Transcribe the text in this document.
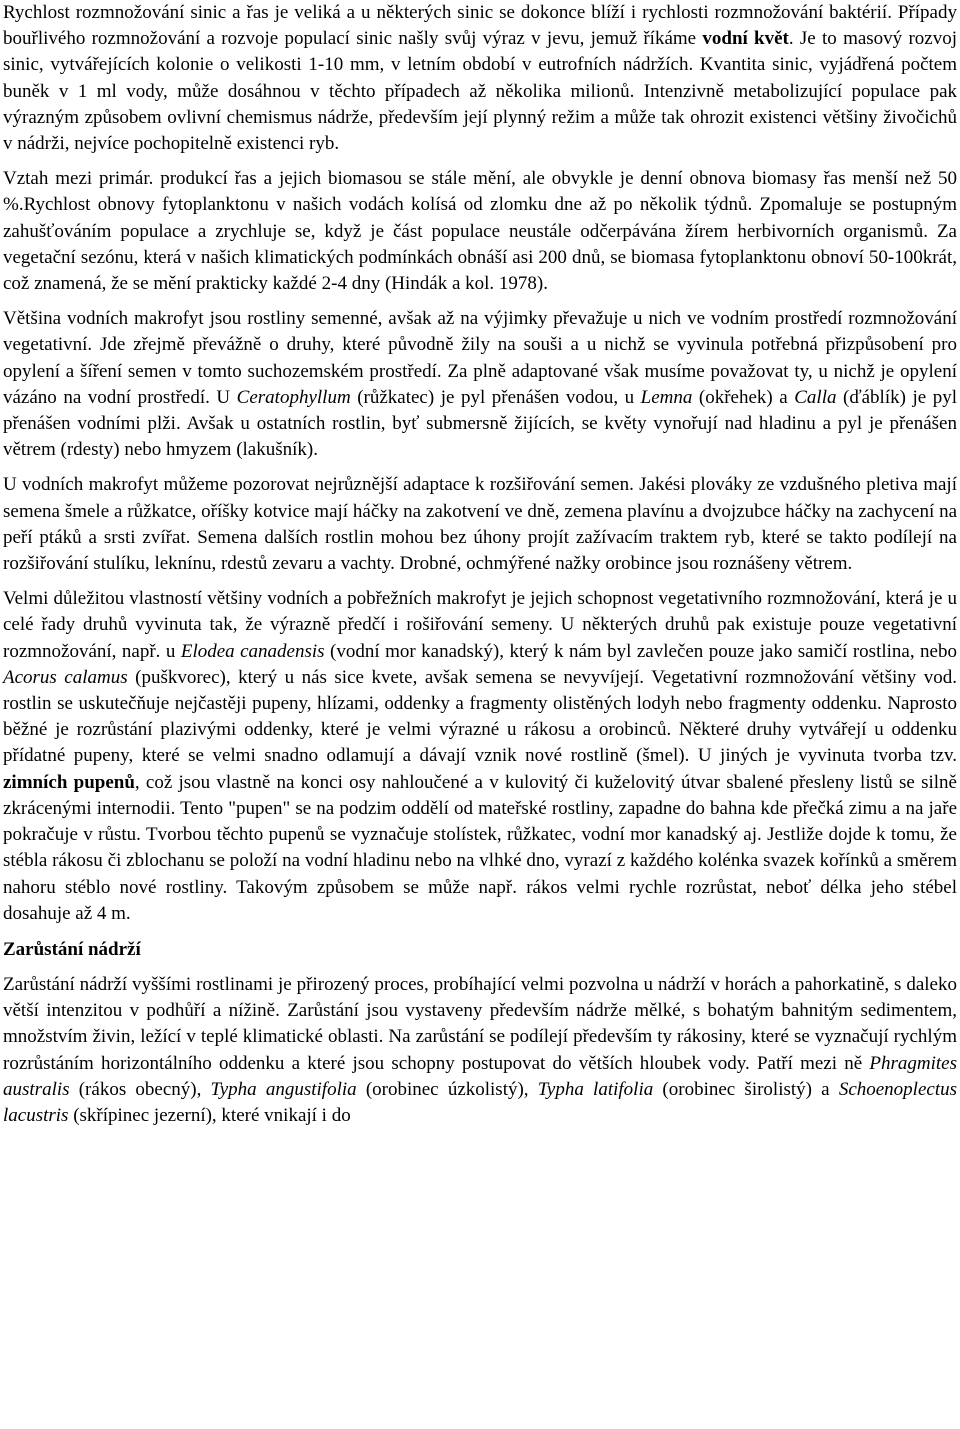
Rychlost rozmnožování sinic a řas je veliká a u některých sinic se dokonce blíží i rychlosti rozmnožování baktérií. Případy bouřlivého rozmnožování a rozvoje populací sinic našly svůj výraz v jevu, jemuž říkáme vodní květ. Je to masový rozvoj sinic, vytvářejících kolonie o velikosti 1-10 mm, v letním období v eutrofních nádržích. Kvantita sinic, vyjádřená počtem buněk v 1 ml vody, může dosáhnou v těchto případech až několika milionů. Intenzivně metabolizující populace pak výrazným způsobem ovlivní chemismus nádrže, především její plynný režim a může tak ohrozit existenci většiny živočichů v nádrži, nejvíce pochopitelně existenci ryb.

Vztah mezi primár. produkcí řas a jejich biomasou se stále mění, ale obvykle je denní obnova biomasy řas menší než 50 %.Rychlost obnovy fytoplanktonu v našich vodách kolísá od zlomku dne až po několik týdnů. Zpomaluje se postupným zahušťováním populace a zrychluje se, když je část populace neustále odčerpávána žírem herbivorních organismů. Za vegetační sezónu, která v našich klimatických podmínkách obnáší asi 200 dnů, se biomasa fytoplanktonu obnoví 50-100krát, což znamená, že se mění prakticky každé 2-4 dny (Hindák a kol. 1978).

Většina vodních makrofyt jsou rostliny semenné, avšak až na výjimky převažuje u nich ve vodním prostředí rozmnožování vegetativní. Jde zřejmě převážně o druhy, které původně žily na souši a u nichž se vyvinula potřebná přizpůsobení pro opylení a šíření semen v tomto suchozemském prostředí. Za plně adaptované však musíme považovat ty, u nichž je opylení vázáno na vodní prostředí. U Ceratophyllum (růžkatec) je pyl přenášen vodou, u Lemna (okřehek) a Calla (ďáblík) je pyl přenášen vodními plži. Avšak u ostatních rostlin, byť submersně žijících, se květy vynořují nad hladinu a pyl je přenášen větrem (rdesty) nebo hmyzem (lakušník).

U vodních makrofyt můžeme pozorovat nejrůznější adaptace k rozšiřování semen. Jakési plováky ze vzdušného pletiva mají semena šmele a růžkatce, oříšky kotvice mají háčky na zakotvení ve dně, zemena plavínu a dvojzubce háčky na zachycení na peří ptáků a srsti zvířat. Semena dalších rostlin mohou bez úhony projít zažívacím traktem ryb, které se takto podílejí na rozšiřování stulíku, leknínu, rdestů zevaru a vachty. Drobné, ochmýřené nažky orobince jsou roznášeny větrem.

Velmi důležitou vlastností většiny vodních a pobřežních makrofyt je jejich schopnost vegetativního rozmnožování, která je u celé řady druhů vyvinuta tak, že výrazně předčí i rošiřování semeny. U některých druhů pak existuje pouze vegetativní rozmnožování, např. u Elodea canadensis (vodní mor kanadský), který k nám byl zavlečen pouze jako samičí rostlina, nebo Acorus calamus (puškvorec), který u nás sice kvete, avšak semena se nevyvíjejí. Vegetativní rozmnožování většiny vod. rostlin se uskutečňuje nejčastěji pupeny, hlízami, oddenky a fragmenty olistěných lodyh nebo fragmenty oddenku. Naprosto běžné je rozrůstání plazivými oddenky, které je velmi výrazné u rákosu a orobinců. Některé druhy vytvářejí u oddenku přídatné pupeny, které se velmi snadno odlamují a dávají vznik nové rostlině (šmel). U jiných je vyvinuta tvorba tzv. zimních pupenů, což jsou vlastně na konci osy nahloučené a v kulovitý či kuželovitý útvar sbalené přesleny listů se silně zkrácenými internodii. Tento "pupen" se na podzim oddělí od mateřské rostliny, zapadne do bahna kde přečká zimu a na jaře pokračuje v růstu. Tvorbou těchto pupenů se vyznačuje stolístek, růžkatec, vodní mor kanadský aj. Jestliže dojde k tomu, že stébla rákosu či zblochanu se položí na vodní hladinu nebo na vlhké dno, vyrazí z každého kolénka svazek kořínků a směrem nahoru stéblo nové rostliny. Takovým způsobem se může např. rákos velmi rychle rozrůstat, neboť délka jeho stébel dosahuje až 4 m.

Zarůstání nádrží

Zarůstání nádrží vyššími rostlinami je přirozený proces, probíhající velmi pozvolna u nádrží v horách a pahorkatině, s daleko větší intenzitou v podhůří a nížině. Zarůstání jsou vystaveny především nádrže mělké, s bohatým bahnitým sedimentem, množstvím živin, ležící v teplé klimatické oblasti. Na zarůstání se podílejí především ty rákosiny, které se vyznačují rychlým rozrůstáním horizontálního oddenku a které jsou schopny postupovat do větších hloubek vody. Patří mezi ně Phragmites australis (rákos obecný), Typha angustifolia (orobinec úzkolistý), Typha latifolia (orobinec širolistý) a Schoenoplectus lacustris (skřípinec jezerní), které vnikají i do
